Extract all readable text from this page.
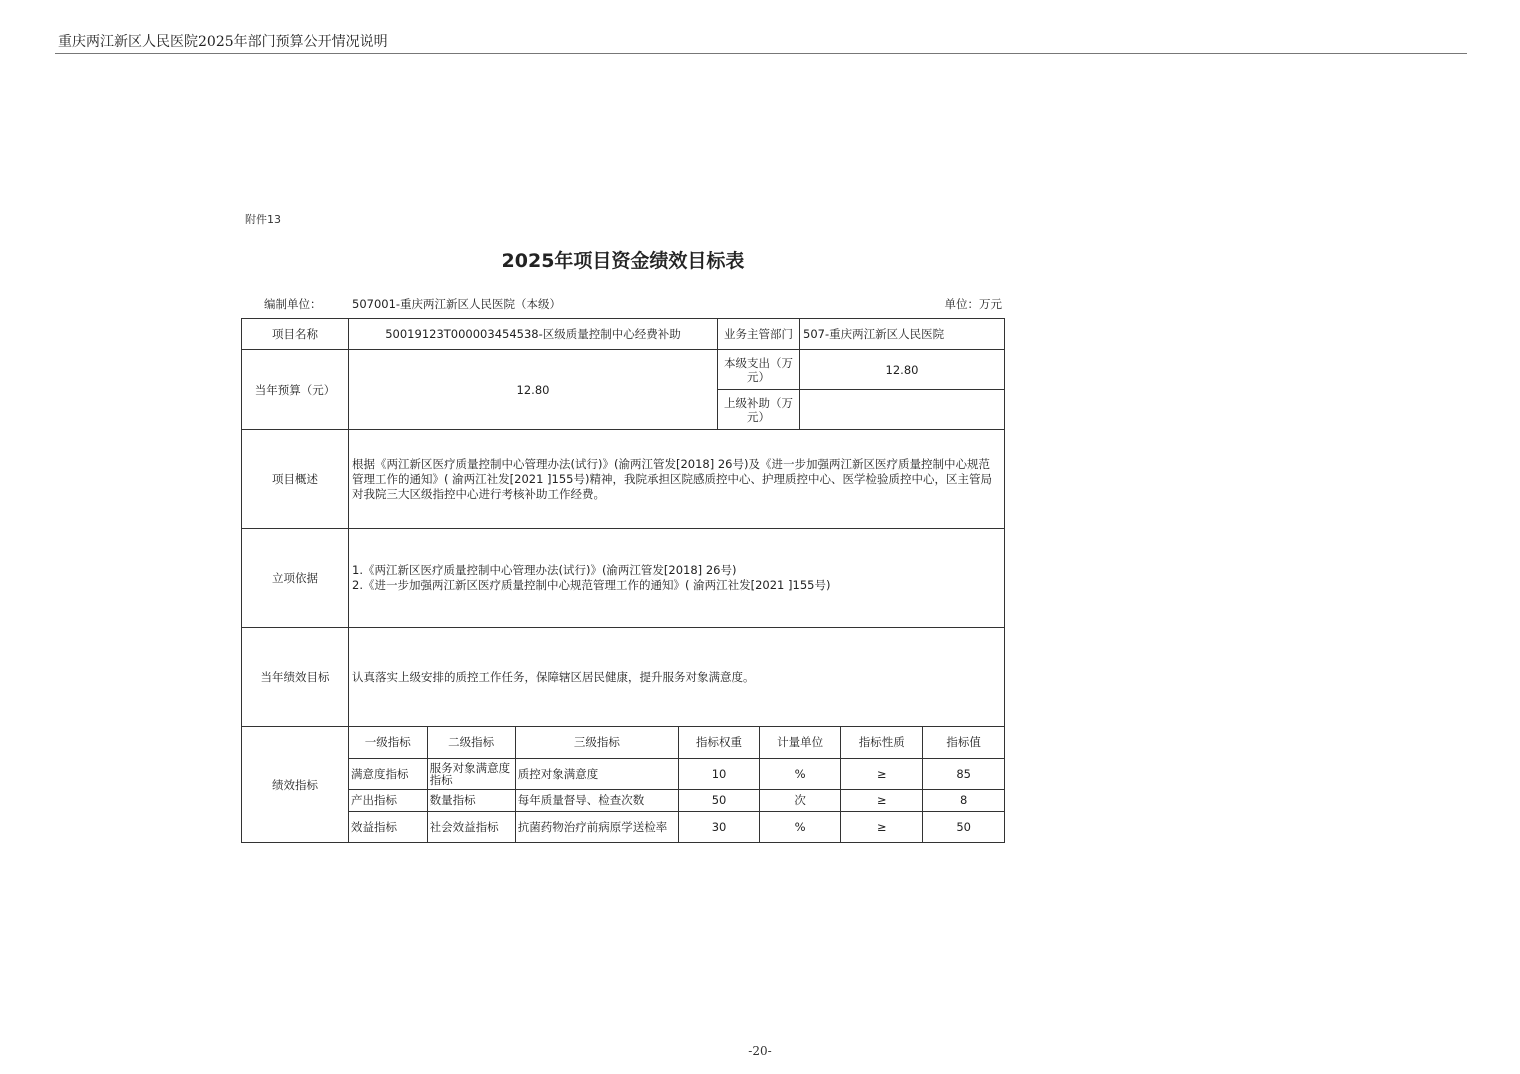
重庆两江新区人民医院2025年部门预算公开情况说明
附件13
2025年项目资金绩效目标表
编制单位：	507001-重庆两江新区人民医院（本级）	单位：万元
项目名称	50019123T000003454538-区级质量控制中心经费补助	业务主管部门	507-重庆两江新区人民医院
当年预算（元）	12.80	本级支出（万元）	12.80
上级补助（万元）	
项目概述	根据《两江新区医疗质量控制中心管理办法(试行)》(渝两江管发[2018] 26号)及《进一步加强两江新区医疗质量控制中心规范管理工作的通知》( 渝两江社发[2021 ]155号)精神，我院承担区院感质控中心、护理质控中心、医学检验质控中心，区主管局对我院三大区级指控中心进行考核补助工作经费。
立项依据	
1.《两江新区医疗质量控制中心管理办法(试行)》(渝两江管发[2018] 26号)
2.《进一步加强两江新区医疗质量控制中心规范管理工作的通知》( 渝两江社发[2021 ]155号)

当年绩效目标	认真落实上级安排的质控工作任务，保障辖区居民健康，提升服务对象满意度。
绩效指标	
一级指标	二级指标	三级指标	指标权重	计量单位	指标性质	指标值
满意度指标	服务对象满意度指标	质控对象满意度	10	%	≥	85
产出指标	数量指标	每年质量督导、检查次数	50	次	≥	8
效益指标	社会效益指标	抗菌药物治疗前病原学送检率	30	%	≥	50
-20-
